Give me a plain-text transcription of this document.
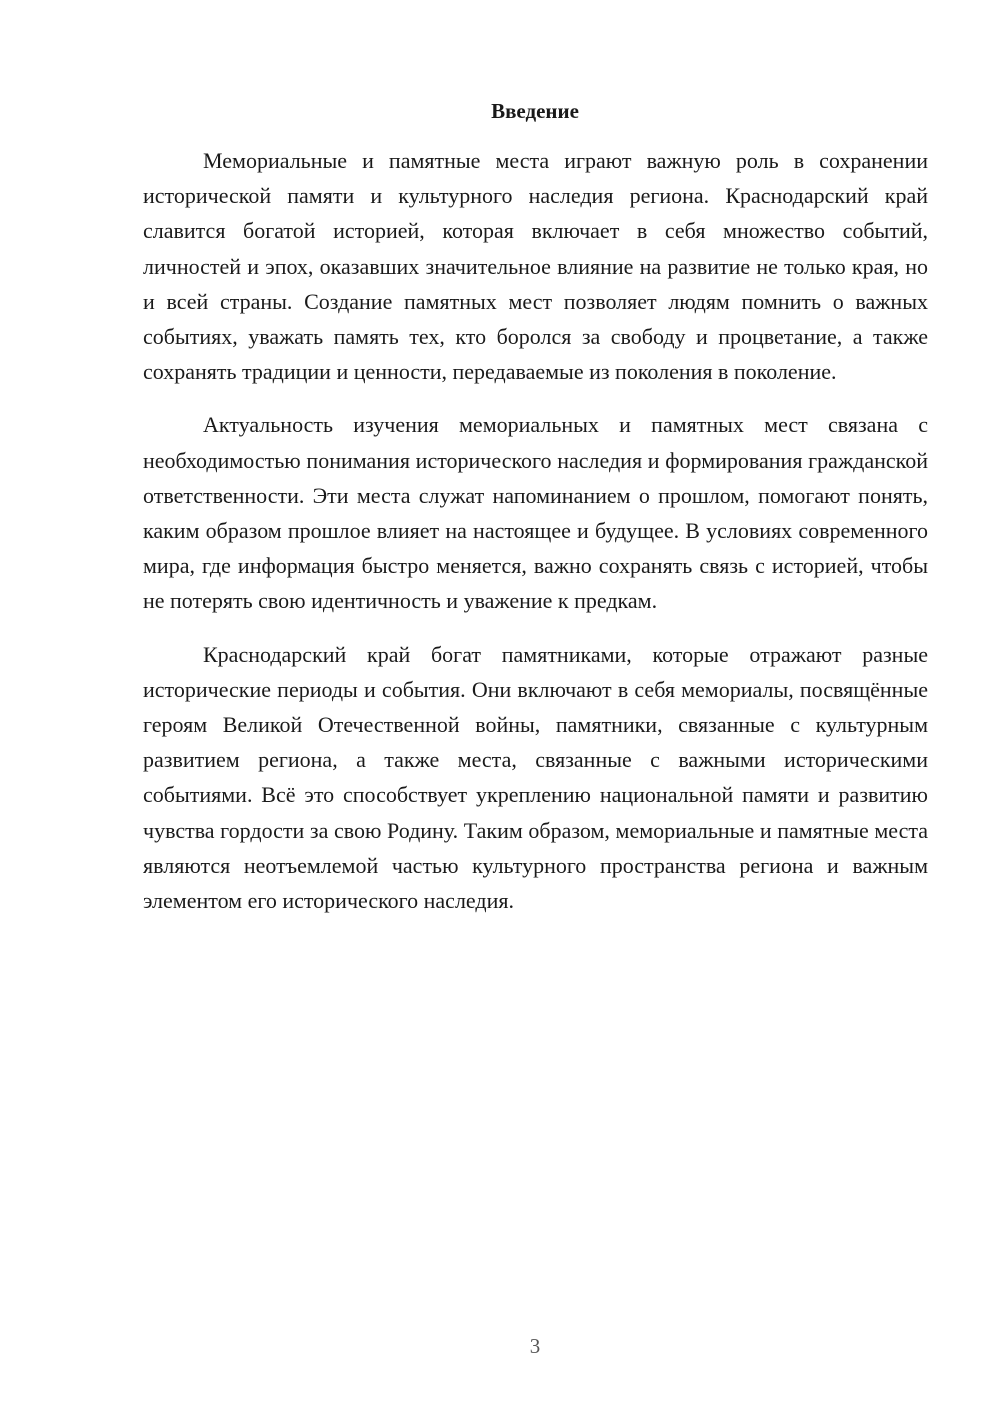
Введение

Мемориальные и памятные места играют важную роль в сохранении исторической памяти и культурного наследия региона. Краснодарский край славится богатой историей, которая включает в себя множество событий, личностей и эпох, оказавших значительное влияние на развитие не только края, но и всей страны. Создание памятных мест позволяет людям помнить о важных событиях, уважать память тех, кто боролся за свободу и процветание, а также сохранять традиции и ценности, передаваемые из поколения в поколение.

Актуальность изучения мемориальных и памятных мест связана с необходимостью понимания исторического наследия и формирования гражданской ответственности. Эти места служат напоминанием о прошлом, помогают понять, каким образом прошлое влияет на настоящее и будущее. В условиях современного мира, где информация быстро меняется, важно сохранять связь с историей, чтобы не потерять свою идентичность и уважение к предкам.

Краснодарский край богат памятниками, которые отражают разные исторические периоды и события. Они включают в себя мемориалы, посвящённые героям Великой Отечественной войны, памятники, связанные с культурным развитием региона, а также места, связанные с важными историческими событиями. Всё это способствует укреплению национальной памяти и развитию чувства гордости за свою Родину. Таким образом, мемориальные и памятные места являются неотъемлемой частью культурного пространства региона и важным элементом его исторического наследия.

3
